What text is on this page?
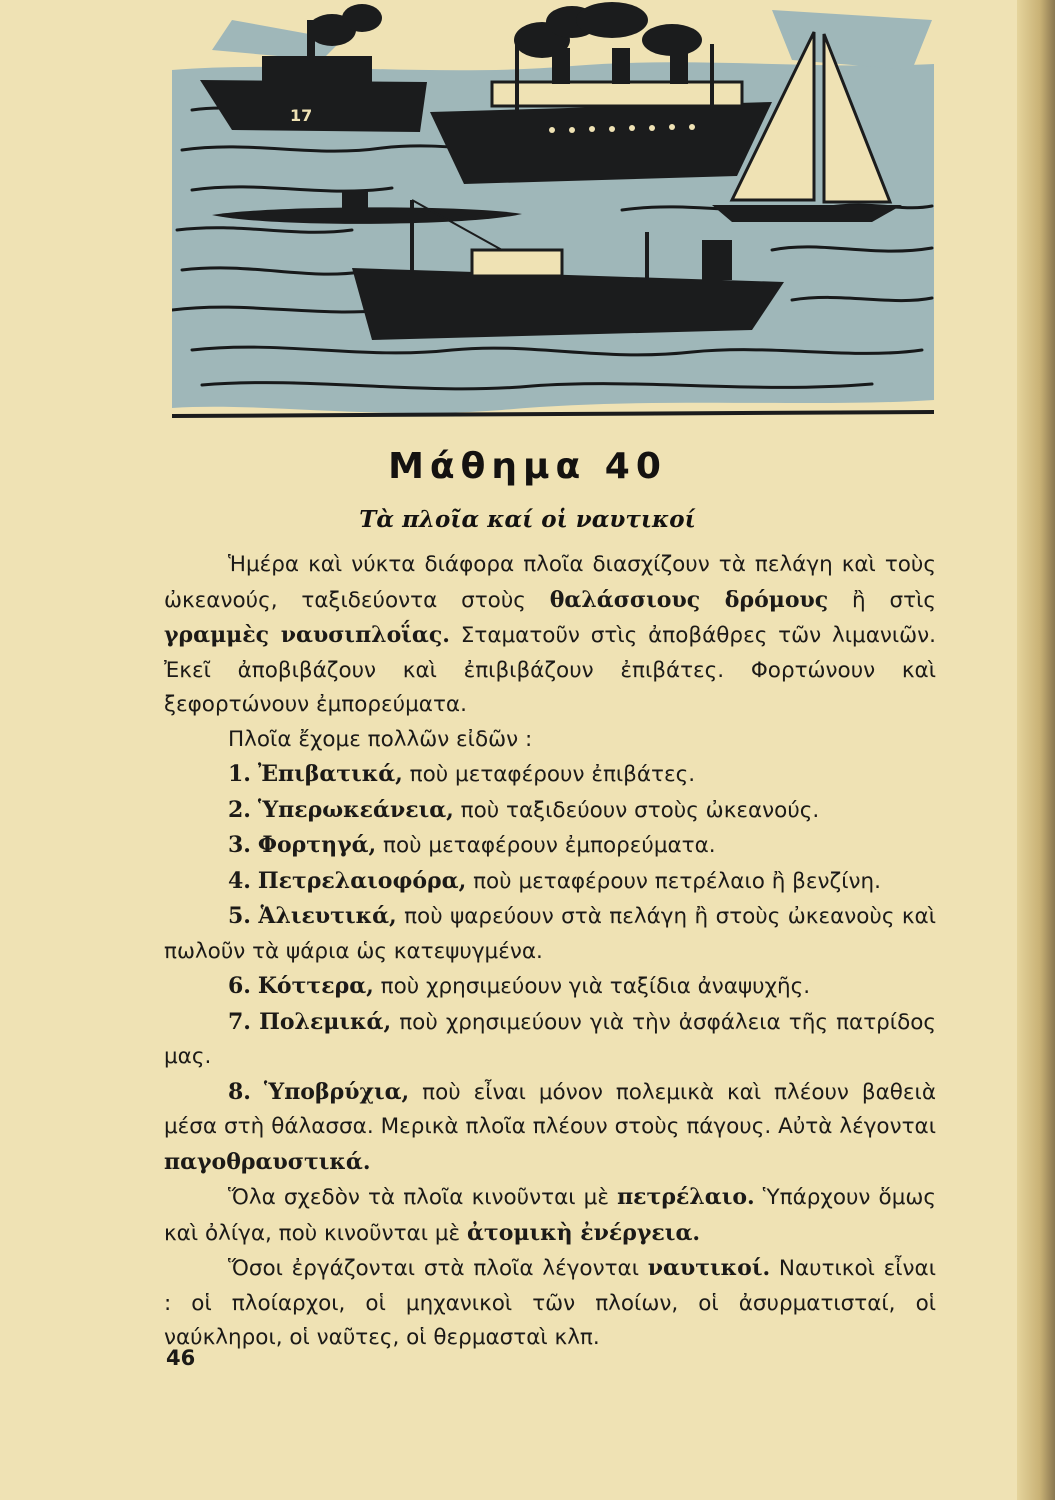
17
Μάθημα 40
Τὰ πλοῖα καί οἱ ναυτικοί

Ἡμέρα καὶ νύκτα διάφορα πλοῖα διασχίζουν τὰ πελάγη καὶ τοὺς ὠκεανούς, ταξιδεύοντα στοὺς θαλάσσιους δρόμους ἢ στὶς γραμμὲς ναυσιπλοΐας. Σταματοῦν στὶς ἀποβάθρες τῶν λιμανιῶν. Ἐκεῖ ἀποβιβάζουν καὶ ἐπιβιβάζουν ἐπιβάτες. Φορτώνουν καὶ ξεφορτώνουν ἐμπορεύματα.

Πλοῖα ἔχομε πολλῶν εἰδῶν :

1. Ἐπιβατικά, ποὺ μεταφέρουν ἐπιβάτες.

2. Ὑπερωκεάνεια, ποὺ ταξιδεύουν στοὺς ὠκεανούς.

3. Φορτηγά, ποὺ μεταφέρουν ἐμπορεύματα.

4. Πετρελαιοφόρα, ποὺ μεταφέρουν πετρέλαιο ἢ βενζίνη.

5. Ἁλιευτικά, ποὺ ψαρεύουν στὰ πελάγη ἢ στοὺς ὠκεανοὺς καὶ πωλοῦν τὰ ψάρια ὡς κατεψυγμένα.

6. Κόττερα, ποὺ χρησιμεύουν γιὰ ταξίδια ἀναψυχῆς.

7. Πολεμικά, ποὺ χρησιμεύουν γιὰ τὴν ἀσφάλεια τῆς πατρίδος μας.

8. Ὑποβρύχια, ποὺ εἶναι μόνον πολεμικὰ καὶ πλέουν βαθειὰ μέσα στὴ θάλασσα. Μερικὰ πλοῖα πλέουν στοὺς πάγους. Αὐτὰ λέγονται παγοθραυστικά.

Ὅλα σχεδὸν τὰ πλοῖα κινοῦνται μὲ πετρέλαιο. Ὑπάρχουν ὅμως καὶ ὀλίγα, ποὺ κινοῦνται μὲ ἀτομικὴ ἐνέργεια.

Ὅσοι ἐργάζονται στὰ πλοῖα λέγονται ναυτικοί. Ναυτικοὶ εἶναι : οἱ πλοίαρχοι, οἱ μηχανικοὶ τῶν πλοίων, οἱ ἀσυρματισταί, οἱ ναύκληροι, οἱ ναῦτες, οἱ θερμασταὶ κλπ.

46
